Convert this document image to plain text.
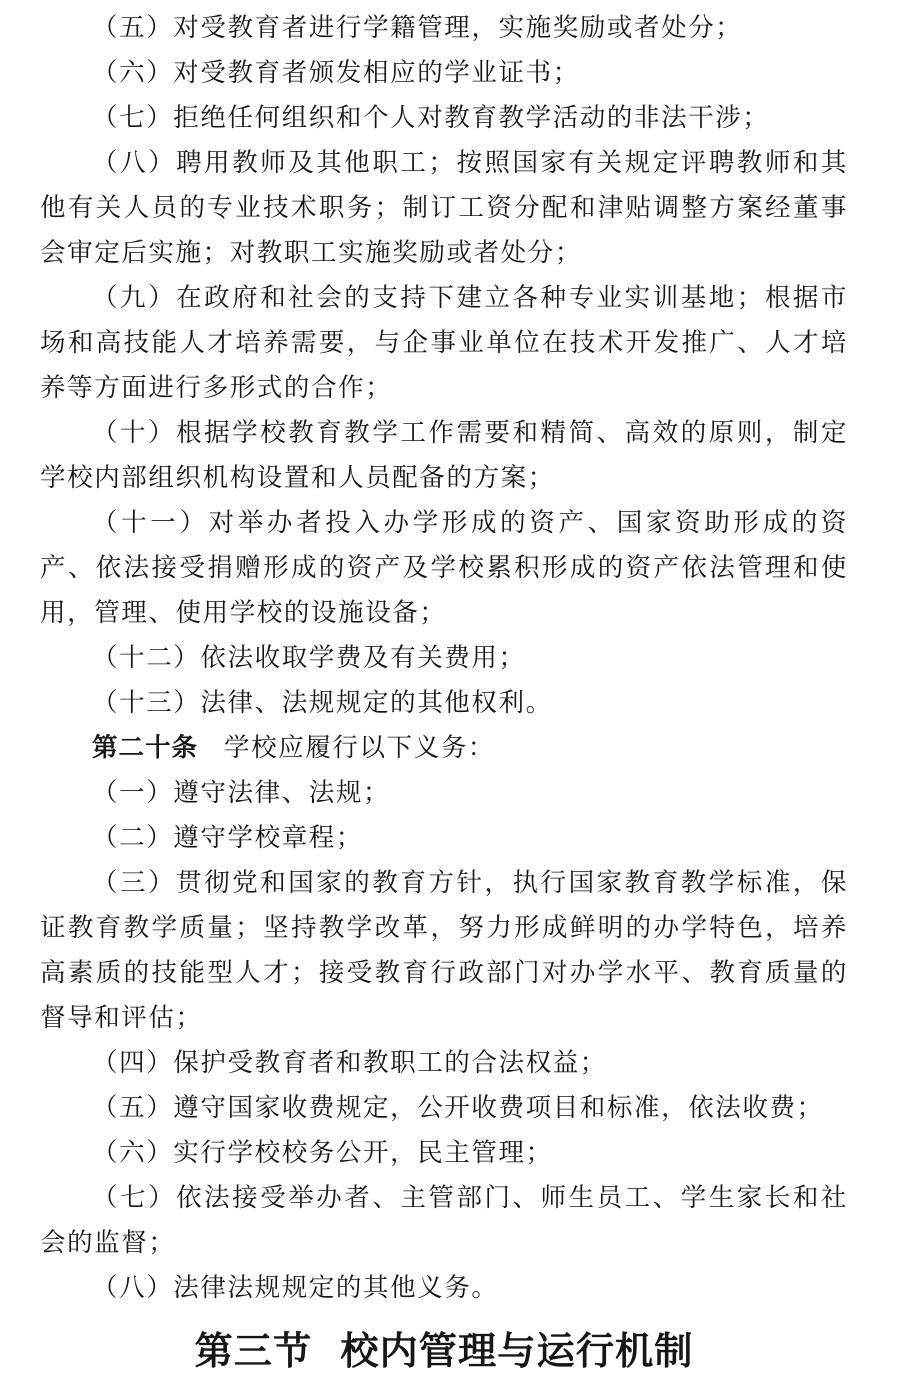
（五）对受教育者进行学籍管理，实施奖励或者处分；

（六）对受教育者颁发相应的学业证书；

（七）拒绝任何组织和个人对教育教学活动的非法干涉；

（八）聘用教师及其他职工；按照国家有关规定评聘教师和其他有关人员的专业技术职务；制订工资分配和津贴调整方案经董事会审定后实施；对教职工实施奖励或者处分；

（九）在政府和社会的支持下建立各种专业实训基地；根据市场和高技能人才培养需要，与企事业单位在技术开发推广、人才培养等方面进行多形式的合作；

（十）根据学校教育教学工作需要和精简、高效的原则，制定学校内部组织机构设置和人员配备的方案；

（十一）对举办者投入办学形成的资产、国家资助形成的资产、依法接受捐赠形成的资产及学校累积形成的资产依法管理和使用，管理、使用学校的设施设备；

（十二）依法收取学费及有关费用；

（十三）法律、法规规定的其他权利。

第二十条 学校应履行以下义务：

（一）遵守法律、法规；

（二）遵守学校章程；

（三）贯彻党和国家的教育方针，执行国家教育教学标准，保证教育教学质量；坚持教学改革，努力形成鲜明的办学特色，培养高素质的技能型人才；接受教育行政部门对办学水平、教育质量的督导和评估；

（四）保护受教育者和教职工的合法权益；

（五）遵守国家收费规定，公开收费项目和标准，依法收费；

（六）实行学校校务公开，民主管理；

（七）依法接受举办者、主管部门、师生员工、学生家长和社会的监督；

（八）法律法规规定的其他义务。

第三节 校内管理与运行机制
